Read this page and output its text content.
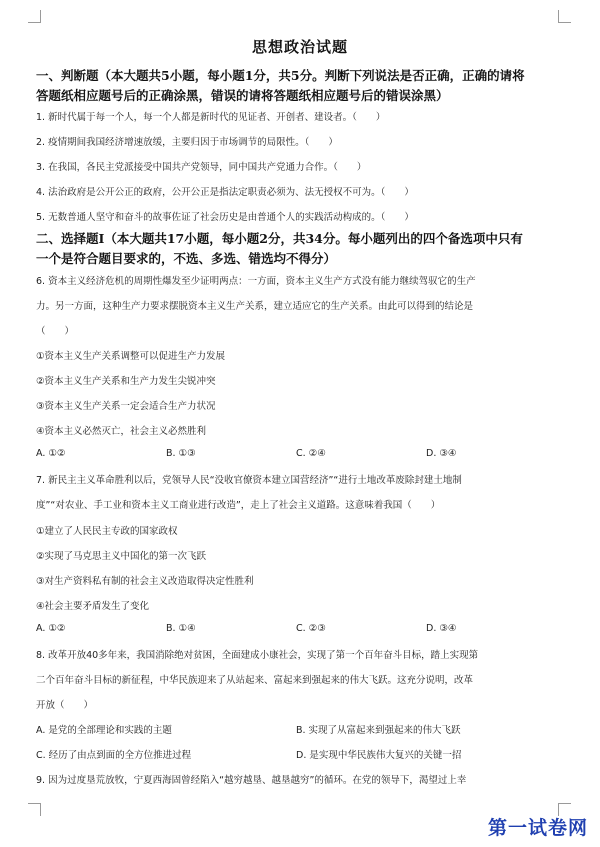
思想政治试题
一、判断题（本大题共5小题，每小题1分，共5分。判断下列说法是否正确，正确的请将
答题纸相应题号后的正确涂黑，错误的请将答题纸相应题号后的错误涂黑）
1. 新时代属于每一个人，每一个人都是新时代的见证者、开创者、建设者。（　　）
2. 疫情期间我国经济增速放缓，主要归因于市场调节的局限性。（　　）
3. 在我国，各民主党派接受中国共产党领导，同中国共产党通力合作。（　　）
4. 法治政府是公开公正的政府，公开公正是指法定职责必须为、法无授权不可为。（　　）
5. 无数普通人坚守和奋斗的故事佐证了社会历史是由普通个人的实践活动构成的。（　　）
二、选择题Ⅰ（本大题共17小题，每小题2分，共34分。每小题列出的四个备选项中只有
一个是符合题目要求的，不选、多选、错选均不得分）
6. 资本主义经济危机的周期性爆发至少证明两点：一方面，资本主义生产方式没有能力继续驾驭它的生产
力。另一方面，这种生产力要求摆脱资本主义生产关系，建立适应它的生产关系。由此可以得到的结论是
（　　）
①资本主义生产关系调整可以促进生产力发展
②资本主义生产关系和生产力发生尖锐冲突
③资本主义生产关系一定会适合生产力状况
④资本主义必然灭亡，社会主义必然胜利
A. ①②	B. ①③	C. ②④	D. ③④
7. 新民主主义革命胜利以后，党领导人民“没收官僚资本建立国营经济”“进行土地改革废除封建土地制
度”“对农业、手工业和资本主义工商业进行改造”，走上了社会主义道路。这意味着我国（　　）
①建立了人民民主专政的国家政权
②实现了马克思主义中国化的第一次飞跃
③对生产资料私有制的社会主义改造取得决定性胜利
④社会主要矛盾发生了变化
A. ①②	B. ①④	C. ②③	D. ③④
8. 改革开放40多年来，我国消除绝对贫困，全面建成小康社会，实现了第一个百年奋斗目标，踏上实现第
二个百年奋斗目标的新征程，中华民族迎来了从站起来、富起来到强起来的伟大飞跃。这充分说明，改革
开放（　　）
A. 是党的全部理论和实践的主题	B. 实现了从富起来到强起来的伟大飞跃
C. 经历了由点到面的全方位推进过程	D. 是实现中华民族伟大复兴的关键一招
9. 因为过度垦荒放牧，宁夏西海固曾经陷入“越穷越垦、越垦越穷”的循环。在党的领导下，渴望过上幸
第一试卷网
